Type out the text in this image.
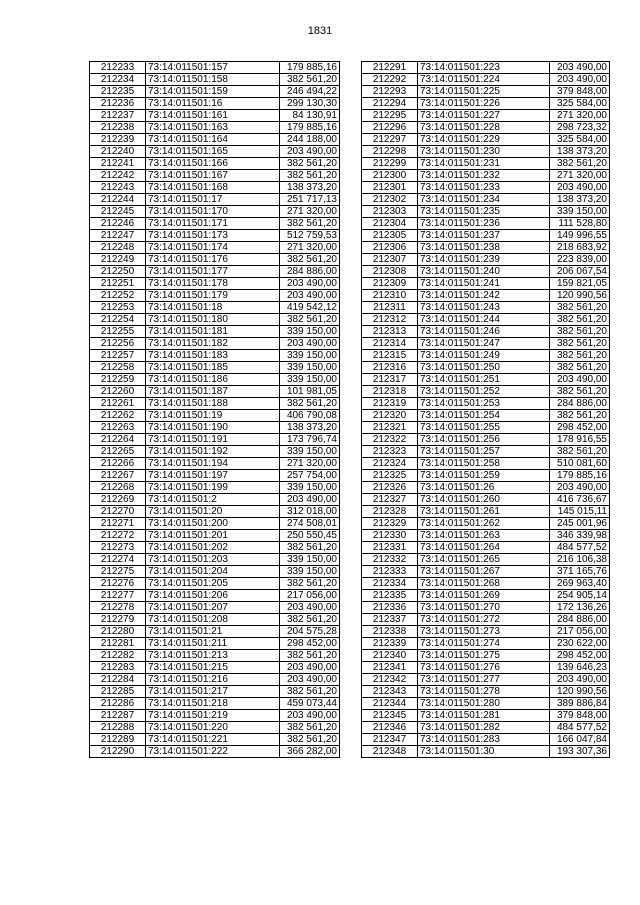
1831
212233	73:14:011501:157	179 885,16
212234	73:14:011501:158	382 561,20
212235	73:14:011501:159	246 494,22
212236	73:14:011501:16	299 130,30
212237	73:14:011501:161	84 130,91
212238	73:14:011501:163	179 885,16
212239	73:14:011501:164	244 188,00
212240	73:14:011501:165	203 490,00
212241	73:14:011501:166	382 561,20
212242	73:14:011501:167	382 561,20
212243	73:14:011501:168	138 373,20
212244	73:14:011501:17	251 717,13
212245	73:14:011501:170	271 320,00
212246	73:14:011501:171	382 561,20
212247	73:14:011501:173	512 759,53
212248	73:14:011501:174	271 320,00
212249	73:14:011501:176	382 561,20
212250	73:14:011501:177	284 886,00
212251	73:14:011501:178	203 490,00
212252	73:14:011501:179	203 490,00
212253	73:14:011501:18	419 542,12
212254	73:14:011501:180	382 561,20
212255	73:14:011501:181	339 150,00
212256	73:14:011501:182	203 490,00
212257	73:14:011501:183	339 150,00
212258	73:14:011501:185	339 150,00
212259	73:14:011501:186	339 150,00
212260	73:14:011501:187	101 981,05
212261	73:14:011501:188	382 561,20
212262	73:14:011501:19	406 790,08
212263	73:14:011501:190	138 373,20
212264	73:14:011501:191	173 796,74
212265	73:14:011501:192	339 150,00
212266	73:14:011501:194	271 320,00
212267	73:14:011501:197	257 754,00
212268	73:14:011501:199	339 150,00
212269	73:14:011501:2	203 490,00
212270	73:14:011501:20	312 018,00
212271	73:14:011501:200	274 508,01
212272	73:14:011501:201	250 550,45
212273	73:14:011501:202	382 561,20
212274	73:14:011501:203	339 150,00
212275	73:14:011501:204	339 150,00
212276	73:14:011501:205	382 561,20
212277	73:14:011501:206	217 056,00
212278	73:14:011501:207	203 490,00
212279	73:14:011501:208	382 561,20
212280	73:14:011501:21	204 575,28
212281	73:14:011501:211	298 452,00
212282	73:14:011501:213	382 561,20
212283	73:14:011501:215	203 490,00
212284	73:14:011501:216	203 490,00
212285	73:14:011501:217	382 561,20
212286	73:14:011501:218	459 073,44
212287	73:14:011501:219	203 490,00
212288	73:14:011501:220	382 561,20
212289	73:14:011501:221	382 561,20
212290	73:14:011501:222	366 282,00
212291	73:14:011501:223	203 490,00
212292	73:14:011501:224	203 490,00
212293	73:14:011501:225	379 848,00
212294	73:14:011501:226	325 584,00
212295	73:14:011501:227	271 320,00
212296	73:14:011501:228	298 723,32
212297	73:14:011501:229	325 584,00
212298	73:14:011501:230	138 373,20
212299	73:14:011501:231	382 561,20
212300	73:14:011501:232	271 320,00
212301	73:14:011501:233	203 490,00
212302	73:14:011501:234	138 373,20
212303	73:14:011501:235	339 150,00
212304	73:14:011501:236	111 528,80
212305	73:14:011501:237	149 996,55
212306	73:14:011501:238	218 683,92
212307	73:14:011501:239	223 839,00
212308	73:14:011501:240	206 067,54
212309	73:14:011501:241	159 821,05
212310	73:14:011501:242	120 990,56
212311	73:14:011501:243	382 561,20
212312	73:14:011501:244	382 561,20
212313	73:14:011501:246	382 561,20
212314	73:14:011501:247	382 561,20
212315	73:14:011501:249	382 561,20
212316	73:14:011501:250	382 561,20
212317	73:14:011501:251	203 490,00
212318	73:14:011501:252	382 561,20
212319	73:14:011501:253	284 886,00
212320	73:14:011501:254	382 561,20
212321	73:14:011501:255	298 452,00
212322	73:14:011501:256	178 916,55
212323	73:14:011501:257	382 561,20
212324	73:14:011501:258	510 081,60
212325	73:14:011501:259	179 885,16
212326	73:14:011501:26	203 490,00
212327	73:14:011501:260	416 736,67
212328	73:14:011501:261	145 015,11
212329	73:14:011501:262	245 001,96
212330	73:14:011501:263	346 339,98
212331	73:14:011501:264	484 577,52
212332	73:14:011501:265	216 106,38
212333	73:14:011501:267	371 165,76
212334	73:14:011501:268	269 963,40
212335	73:14:011501:269	254 905,14
212336	73:14:011501:270	172 136,26
212337	73:14:011501:272	284 886,00
212338	73:14:011501:273	217 056,00
212339	73:14:011501:274	230 622,00
212340	73:14:011501:275	298 452,00
212341	73:14:011501:276	139 646,23
212342	73:14:011501:277	203 490,00
212343	73:14:011501:278	120 990,56
212344	73:14:011501:280	389 886,84
212345	73:14:011501:281	379 848,00
212346	73:14:011501:282	484 577,52
212347	73:14:011501:283	166 047,84
212348	73:14:011501:30	193 307,36
